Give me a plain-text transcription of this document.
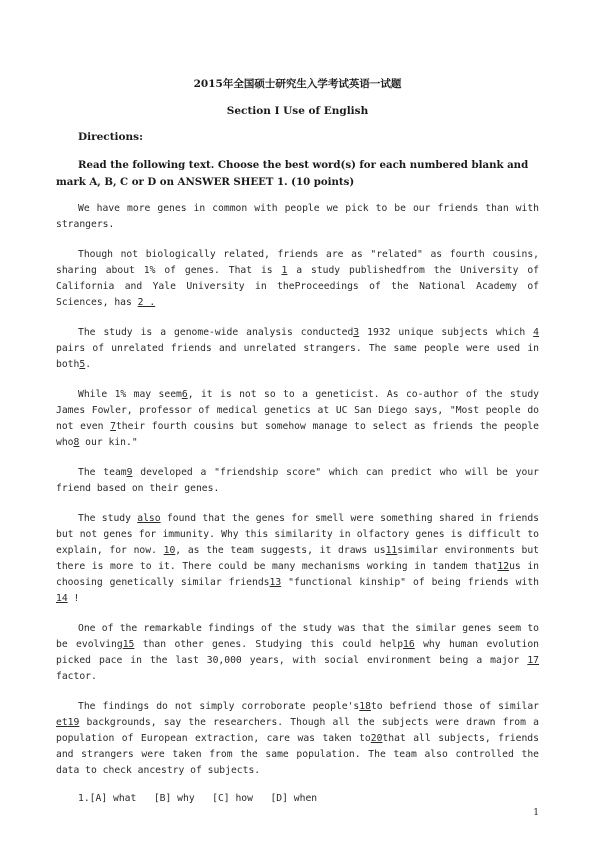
2015年全国硕士研究生入学考试英语一试题

Section I Use of English

Directions:

Read the following text. Choose the best word(s) for each numbered blank and mark A, B, C or D on ANSWER SHEET 1. (10 points)

We have more genes in common with people we pick to be our friends than with strangers.

Though not biologically related, friends are as "related" as fourth cousins, sharing about 1% of genes. That is 1 a study publishedfrom the University of California and Yale University in theProceedings of the National Academy of Sciences, has 2 .

The study is a genome-wide analysis conducted3 1932 unique subjects which 4 pairs of unrelated friends and unrelated strangers. The same people were used in both5.

While 1% may seem6, it is not so to a geneticist. As co-author of the study James Fowler, professor of medical genetics at UC San Diego says, "Most people do not even 7their fourth cousins but somehow manage to select as friends the people who8 our kin."

The team9 developed a "friendship score" which can predict who will be your friend based on their genes.

The study also found that the genes for smell were something shared in friends but not genes for immunity. Why this similarity in olfactory genes is difficult to explain, for now. 10, as the team suggests, it draws us11similar environments but there is more to it. There could be many mechanisms working in tandem that12us in choosing genetically similar friends13 "functional kinship" of being friends with 14 !

One of the remarkable findings of the study was that the similar genes seem to be evolving15 than other genes. Studying this could help16 why human evolution picked pace in the last 30,000 years, with social environment being a major 17 factor.

The findings do not simply corroborate people's18to befriend those of similar et19 backgrounds, say the researchers. Though all the subjects were drawn from a population of European extraction, care was taken to20that all subjects, friends and strangers were taken from the same population. The team also controlled the data to check ancestry of subjects.

1.[A] what   [B] why   [C] how   [D] when

1
